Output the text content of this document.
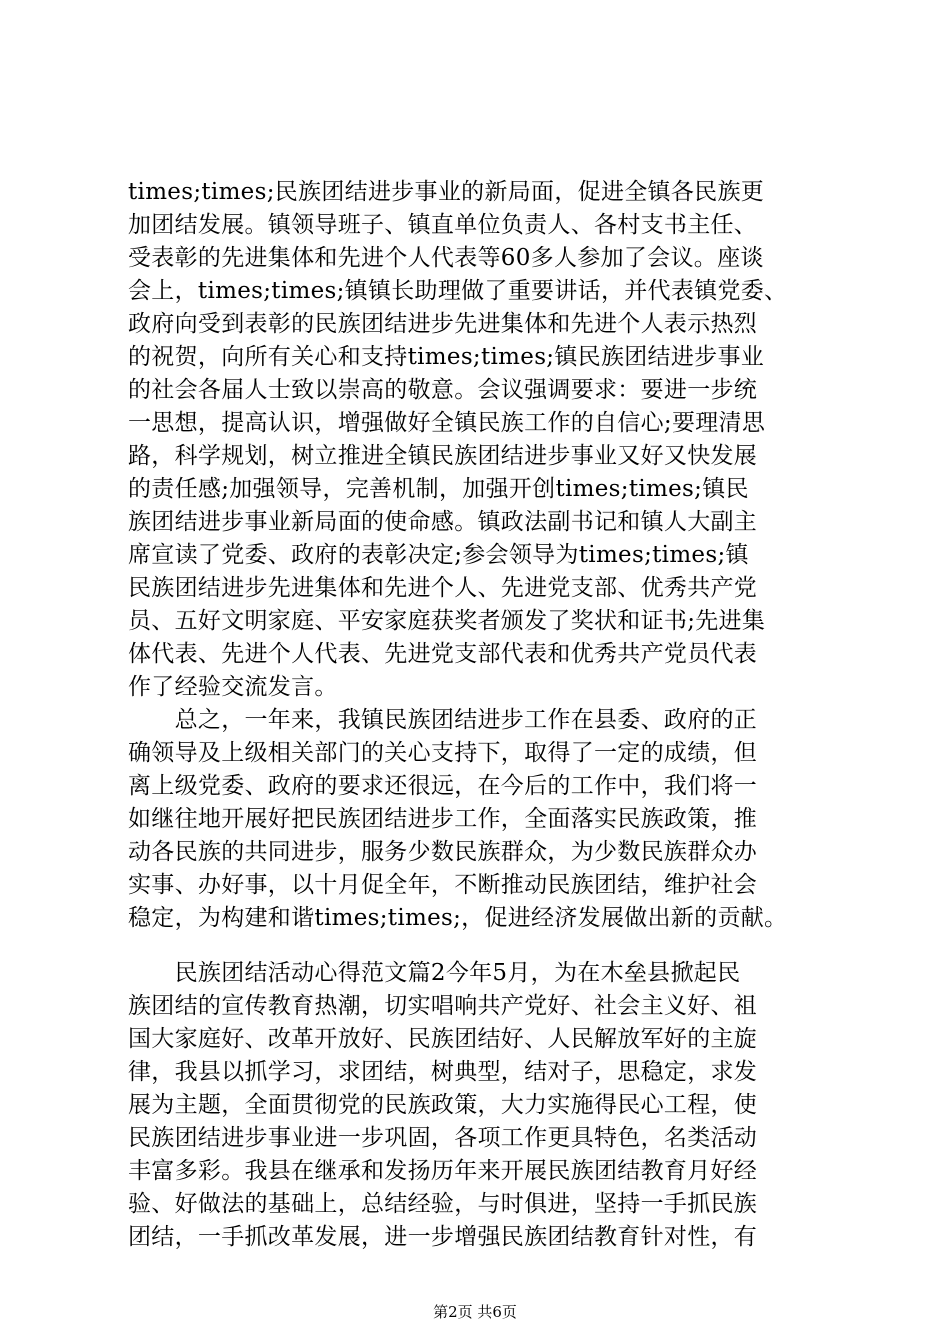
times;times;民族团结进步事业的新局面，促进全镇各民族更
加团结发展。镇领导班子、镇直单位负责人、各村支书主任、
受表彰的先进集体和先进个人代表等60多人参加了会议。座谈
会上，times;times;镇镇长助理做了重要讲话，并代表镇党委、
政府向受到表彰的民族团结进步先进集体和先进个人表示热烈
的祝贺，向所有关心和支持times;times;镇民族团结进步事业
的社会各届人士致以崇高的敬意。会议强调要求：要进一步统
一思想，提高认识，增强做好全镇民族工作的自信心;要理清思
路，科学规划，树立推进全镇民族团结进步事业又好又快发展
的责任感;加强领导，完善机制，加强开创times;times;镇民
族团结进步事业新局面的使命感。镇政法副书记和镇人大副主
席宣读了党委、政府的表彰决定;参会领导为times;times;镇
民族团结进步先进集体和先进个人、先进党支部、优秀共产党
员、五好文明家庭、平安家庭获奖者颁发了奖状和证书;先进集
体代表、先进个人代表、先进党支部代表和优秀共产党员代表
作了经验交流发言。
　　总之，一年来，我镇民族团结进步工作在县委、政府的正
确领导及上级相关部门的关心支持下，取得了一定的成绩，但
离上级党委、政府的要求还很远，在今后的工作中，我们将一
如继往地开展好把民族团结进步工作，全面落实民族政策，推
动各民族的共同进步，服务少数民族群众，为少数民族群众办
实事、办好事，以十月促全年，不断推动民族团结，维护社会
稳定，为构建和谐times;times;，促进经济发展做出新的贡献。
　　民族团结活动心得范文篇2今年5月，为在木垒县掀起民
族团结的宣传教育热潮，切实唱响共产党好、社会主义好、祖
国大家庭好、改革开放好、民族团结好、人民解放军好的主旋
律，我县以抓学习，求团结，树典型，结对子，思稳定，求发
展为主题，全面贯彻党的民族政策，大力实施得民心工程，使
民族团结进步事业进一步巩固，各项工作更具特色，名类活动
丰富多彩。我县在继承和发扬历年来开展民族团结教育月好经
验、好做法的基础上，总结经验，与时俱进，坚持一手抓民族
团结，一手抓改革发展，进一步增强民族团结教育针对性，有
第2页 共6页
